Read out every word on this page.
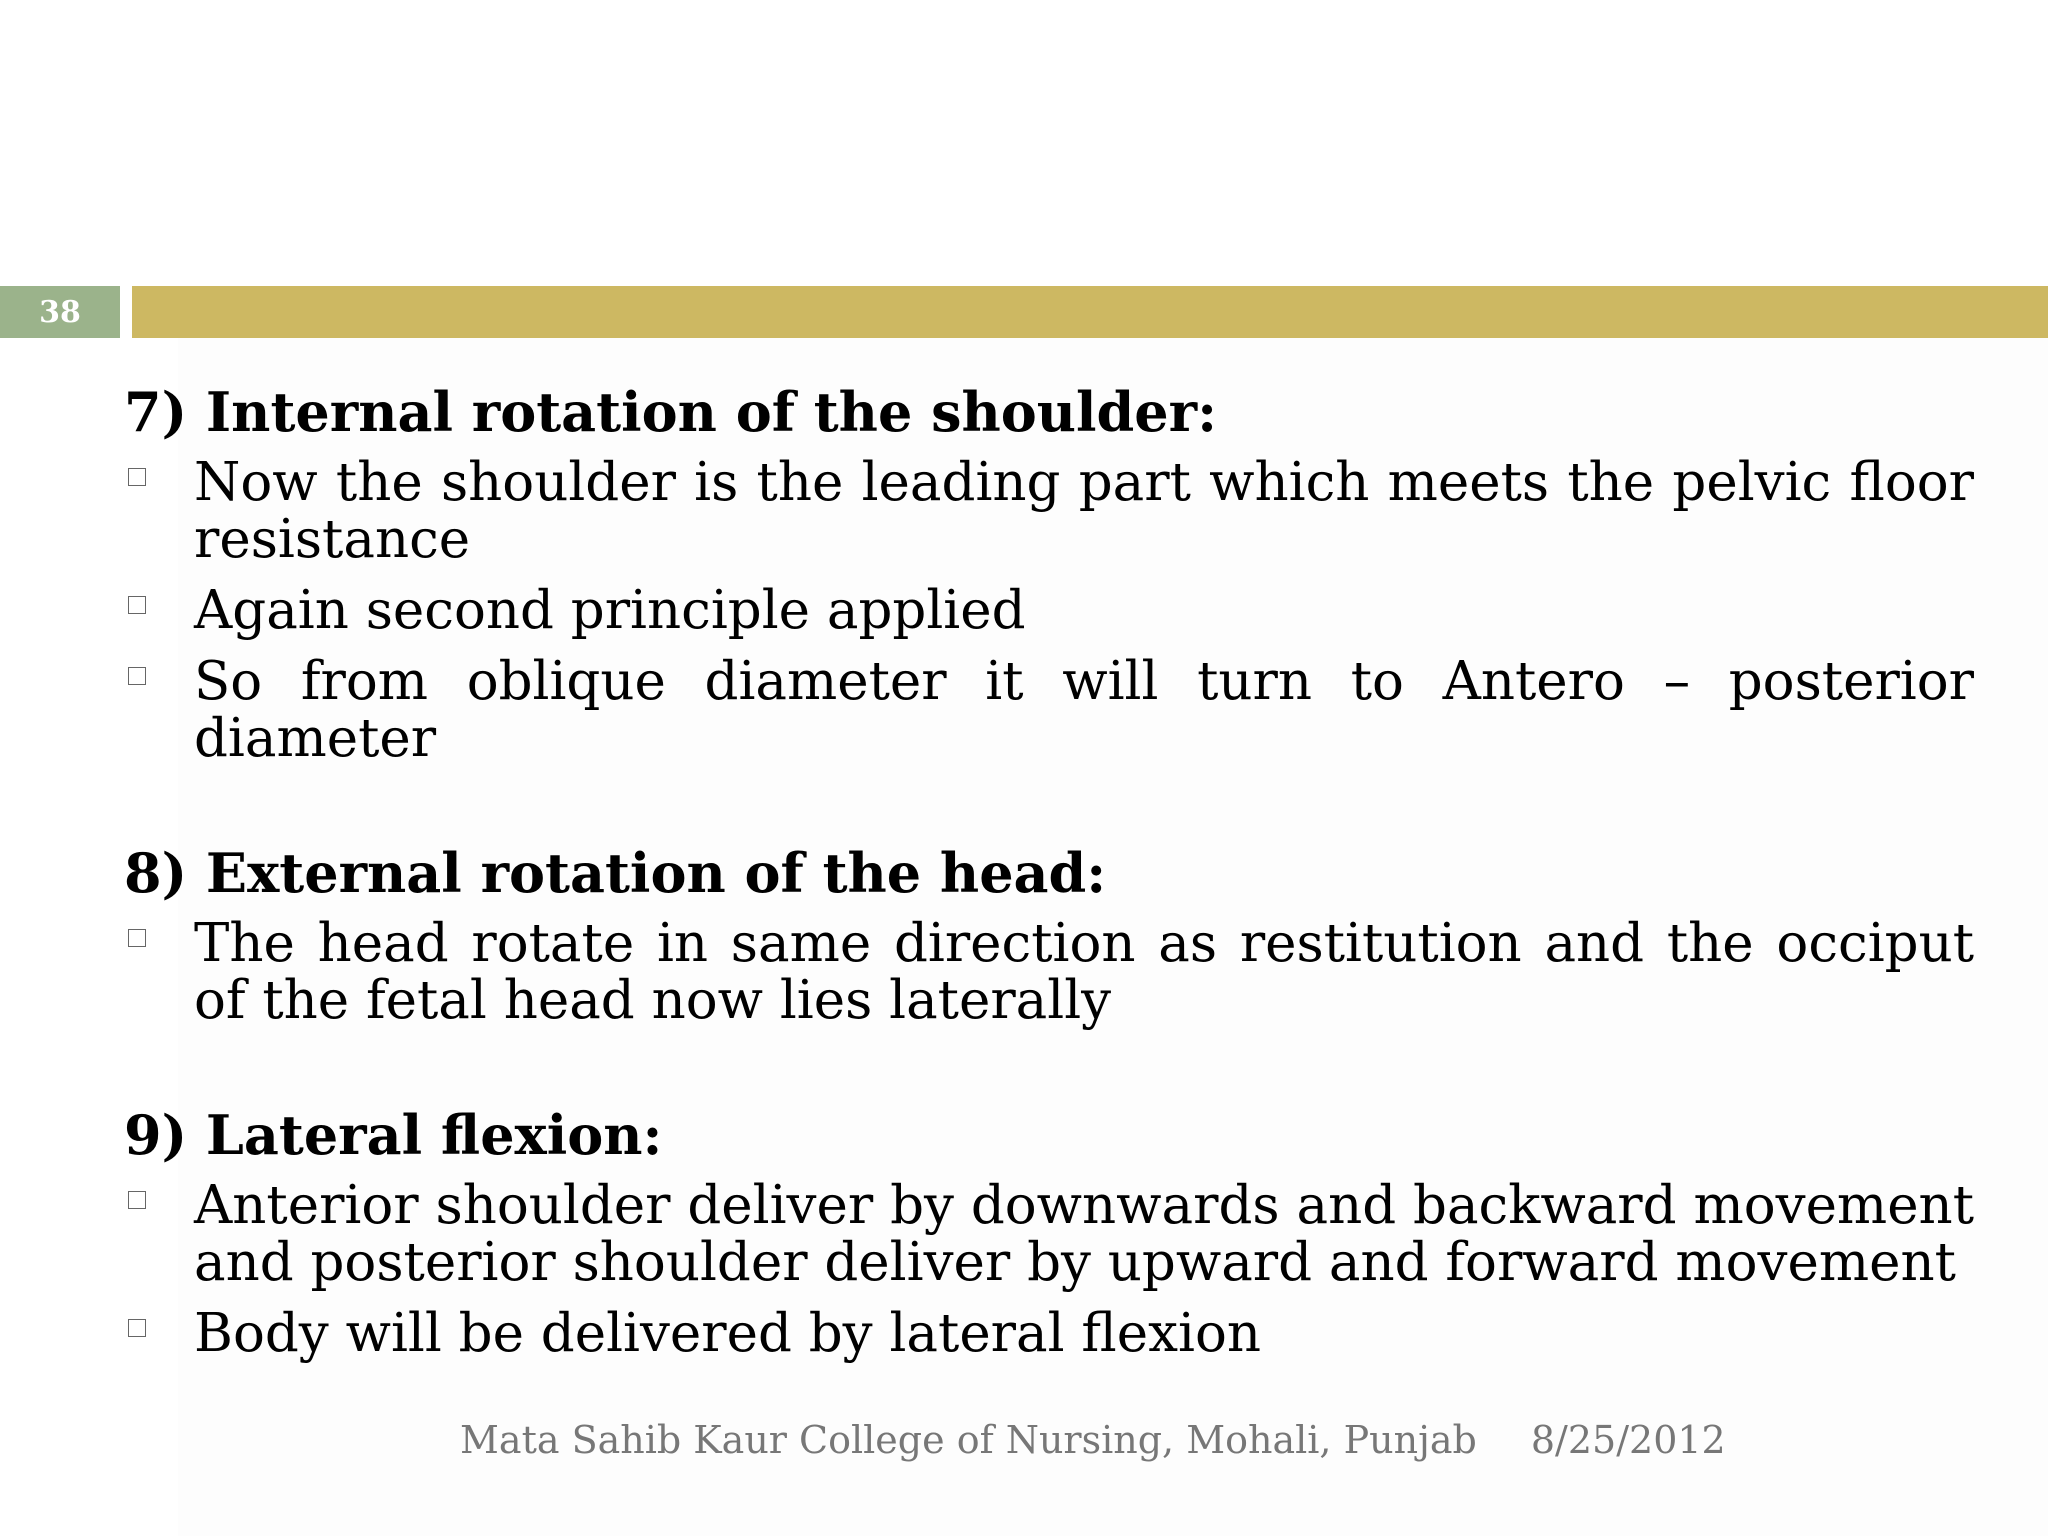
38
7) Internal rotation of the shoulder:
Now the shoulder is the leading part which meets the pelvic floor resistance
Again second principle applied
So from oblique diameter it will turn to Antero – posterior diameter
8) External rotation of the head:
The head rotate in same direction as restitution and the occiput of the fetal head now lies laterally
9) Lateral flexion:
Anterior shoulder deliver by downwards and backward movement and posterior shoulder deliver by upward and forward movement
Body will be delivered by lateral flexion
Mata Sahib Kaur College of Nursing, Mohali, Punjab 8/25/2012
